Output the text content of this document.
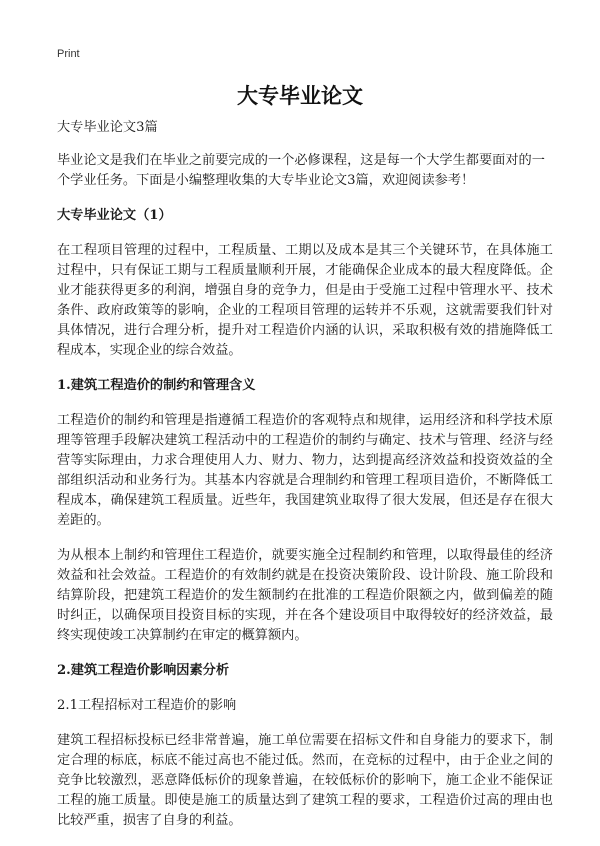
Print
大专毕业论文

大专毕业论文3篇

毕业论文是我们在毕业之前要完成的一个必修课程，这是每一个大学生都要面对的一个学业任务。下面是小编整理收集的大专毕业论文3篇，欢迎阅读参考！

大专毕业论文（1）

在工程项目管理的过程中，工程质量、工期以及成本是其三个关键环节，在具体施工过程中，只有保证工期与工程质量顺利开展，才能确保企业成本的最大程度降低。企业才能获得更多的利润，增强自身的竞争力，但是由于受施工过程中管理水平、技术条件、政府政策等的影响，企业的工程项目管理的运转并不乐观，这就需要我们针对具体情况，进行合理分析，提升对工程造价内涵的认识，采取积极有效的措施降低工程成本，实现企业的综合效益。

1.建筑工程造价的制约和管理含义

工程造价的制约和管理是指遵循工程造价的客观特点和规律，运用经济和科学技术原理等管理手段解决建筑工程活动中的工程造价的制约与确定、技术与管理、经济与经营等实际理由，力求合理使用人力、财力、物力，达到提高经济效益和投资效益的全部组织活动和业务行为。其基本内容就是合理制约和管理工程项目造价，不断降低工程成本，确保建筑工程质量。近些年，我国建筑业取得了很大发展，但还是存在很大差距的。

为从根本上制约和管理住工程造价，就要实施全过程制约和管理，以取得最佳的经济效益和社会效益。工程造价的有效制约就是在投资决策阶段、设计阶段、施工阶段和结算阶段，把建筑工程造价的发生额制约在批准的工程造价限额之内，做到偏差的随时纠正，以确保项目投资目标的实现，并在各个建设项目中取得较好的经济效益，最终实现使竣工决算制约在审定的概算额内。

2.建筑工程造价影响因素分析

2.1工程招标对工程造价的影响

建筑工程招标投标已经非常普遍，施工单位需要在招标文件和自身能力的要求下，制定合理的标底，标底不能过高也不能过低。然而，在竞标的过程中，由于企业之间的竞争比较激烈，恶意降低标价的现象普遍，在较低标价的影响下，施工企业不能保证工程的施工质量。即使是施工的质量达到了建筑工程的要求，工程造价过高的理由也比较严重，损害了自身的利益。
